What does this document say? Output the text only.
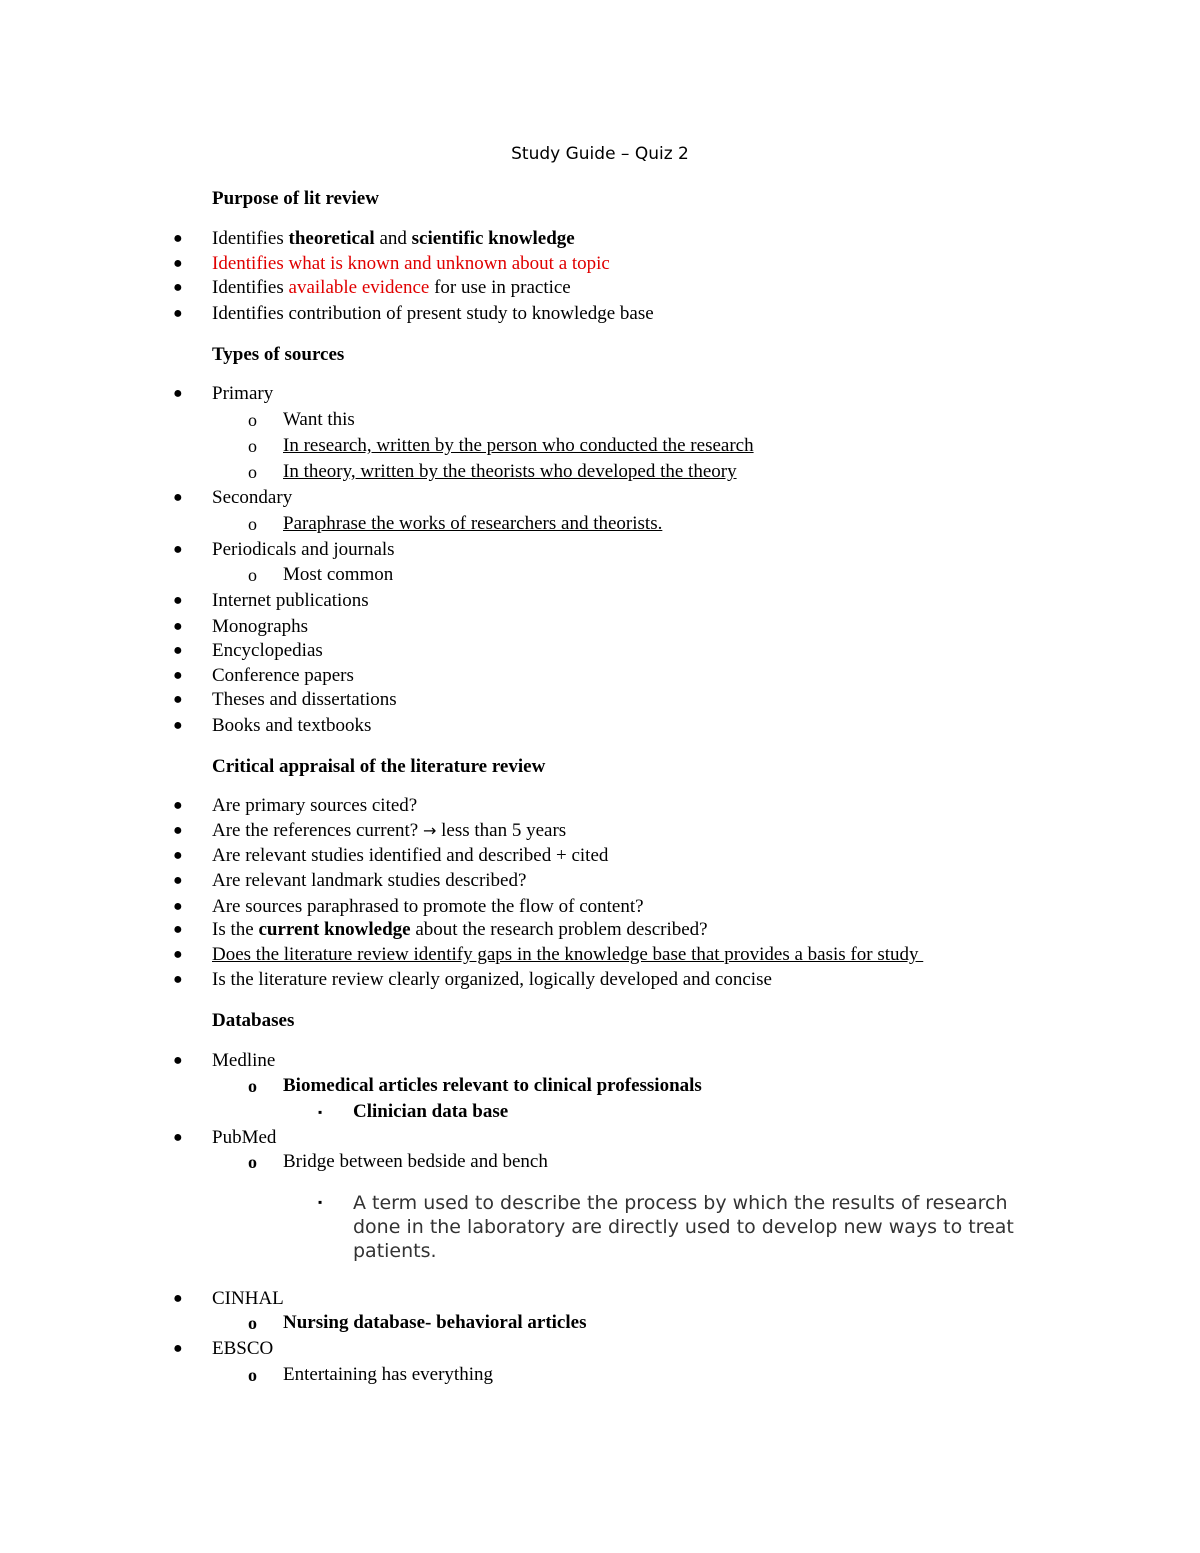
Study Guide – Quiz 2
Purpose of lit review
● Identifies theoretical and scientific knowledge
● Identifies what is known and unknown about a topic
● Identifies available evidence for use in practice
● Identifies contribution of present study to knowledge base
Types of sources
● Primary
o Want this
o In research, written by the person who conducted the research
o In theory, written by the theorists who developed the theory
● Secondary
o Paraphrase the works of researchers and theorists.
● Periodicals and journals
o Most common
● Internet publications
● Monographs
● Encyclopedias
● Conference papers
● Theses and dissertations
● Books and textbooks
Critical appraisal of the literature review
● Are primary sources cited?
● Are the references current? → less than 5 years
● Are relevant studies identified and described + cited
● Are relevant landmark studies described?
● Are sources paraphrased to promote the flow of content?
● Is the current knowledge about the research problem described?
● Does the literature review identify gaps in the knowledge base that provides a basis for study
● Is the literature review clearly organized, logically developed and concise
Databases
● Medline
o Biomedical articles relevant to clinical professionals
▪ Clinician data base
● PubMed
o Bridge between bedside and bench
▪ A term used to describe the process by which the results of research done in the laboratory are directly used to develop new ways to treat patients.
● CINHAL
o Nursing database- behavioral articles
● EBSCO
o Entertaining has everything
